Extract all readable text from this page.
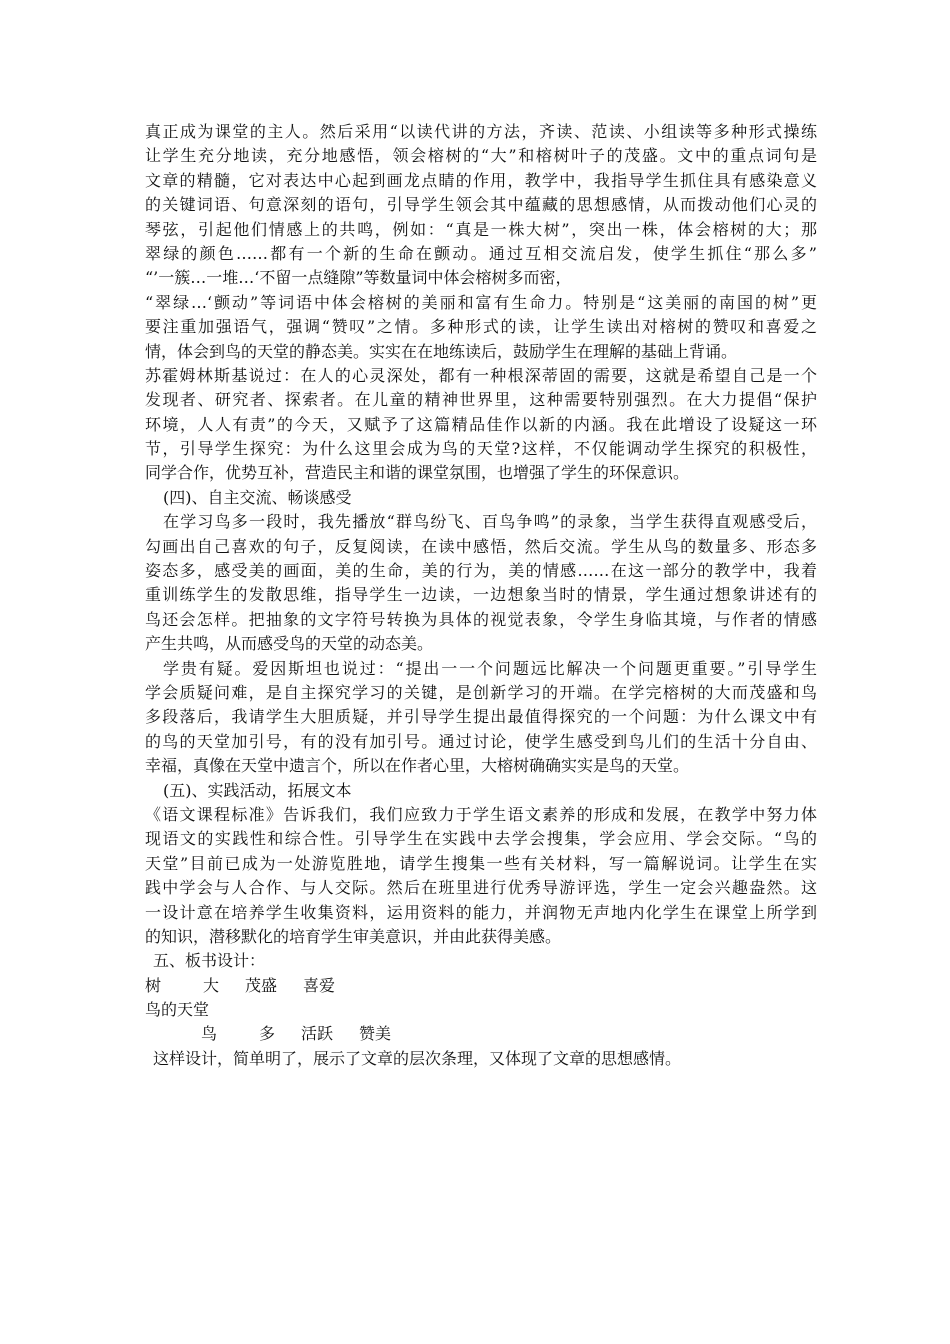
真正成为课堂的主人。然后采用“以读代讲的方法，齐读、范读、小组读等多种形式操练
让学生充分地读，充分地感悟，领会榕树的“大”和榕树叶子的茂盛。文中的重点词句是
文章的精髓，它对表达中心起到画龙点睛的作用，教学中，我指导学生抓住具有感染意义
的关键词语、句意深刻的语句，引导学生领会其中蕴藏的思想感情，从而拨动他们心灵的
琴弦，引起他们情感上的共鸣，例如：“真是一株大树”，突出一株，体会榕树的大；那
翠绿的颜色……都有一个新的生命在颤动。通过互相交流启发，使学生抓住“那么多”
“’一簇…一堆…‘不留一点缝隙”等数量词中体会榕树多而密，
“翠绿…‘颤动”等词语中体会榕树的美丽和富有生命力。特别是“这美丽的南国的树”更
要注重加强语气，强调“赞叹”之情。多种形式的读，让学生读出对榕树的赞叹和喜爱之
情，体会到鸟的天堂的静态美。实实在在地练读后，鼓励学生在理解的基础上背诵。
苏霍姆林斯基说过：在人的心灵深处，都有一种根深蒂固的需要，这就是希望自己是一个
发现者、研究者、探索者。在儿童的精神世界里，这种需要特别强烈。在大力提倡“保护
环境，人人有责”的今天，又赋予了这篇精品佳作以新的内涵。我在此增设了设疑这一环
节，引导学生探究：为什么这里会成为鸟的天堂?这样，不仅能调动学生探究的积极性，
同学合作，优势互补，营造民主和谐的课堂氛围，也增强了学生的环保意识。
(四)、自主交流、畅谈感受
在学习鸟多一段时，我先播放“群鸟纷飞、百鸟争鸣”的录象，当学生获得直观感受后，
勾画出自己喜欢的句子，反复阅读，在读中感悟，然后交流。学生从鸟的数量多、形态多
姿态多，感受美的画面，美的生命，美的行为，美的情感……在这一部分的教学中，我着
重训练学生的发散思维，指导学生一边读，一边想象当时的情景，学生通过想象讲述有的
鸟还会怎样。把抽象的文字符号转换为具体的视觉表象，令学生身临其境，与作者的情感
产生共鸣，从而感受鸟的天堂的动态美。
学贵有疑。爱因斯坦也说过：“提出一一个问题远比解决一个问题更重要。”引导学生
学会质疑问难，是自主探究学习的关键，是创新学习的开端。在学完榕树的大而茂盛和鸟
多段落后，我请学生大胆质疑，并引导学生提出最值得探究的一个问题：为什么课文中有
的鸟的天堂加引号，有的没有加引号。通过讨论，使学生感受到鸟儿们的生活十分自由、
幸福，真像在天堂中遗言个，所以在作者心里，大榕树确确实实是鸟的天堂。
(五)、实践活动，拓展文本
《语文课程标准》告诉我们，我们应致力于学生语文素养的形成和发展，在教学中努力体
现语文的实践性和综合性。引导学生在实践中去学会搜集，学会应用、学会交际。“鸟的
天堂”目前已成为一处游览胜地，请学生搜集一些有关材料，写一篇解说词。让学生在实
践中学会与人合作、与人交际。然后在班里进行优秀导游评选，学生一定会兴趣盎然。这
一设计意在培养学生收集资料，运用资料的能力，并润物无声地内化学生在课堂上所学到
的知识，潜移默化的培育学生审美意识，并由此获得美感。
五、板书设计：
树	大 茂盛 喜爱
鸟的天堂
鸟	多 活跃 赞美
这样设计，简单明了，展示了文章的层次条理，又体现了文章的思想感情。
